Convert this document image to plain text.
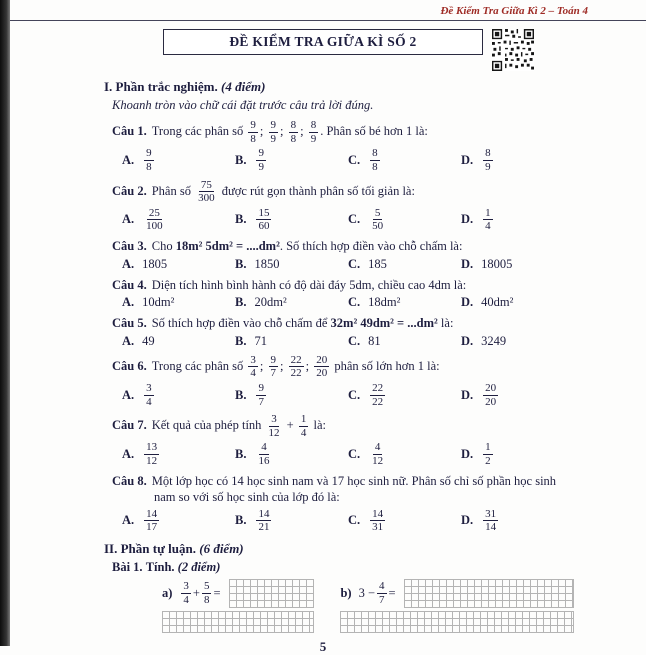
Đề Kiểm Tra Giữa Kì 2 – Toán 4
ĐỀ KIỂM TRA GIỮA KÌ SỐ 2
I. Phần trắc nghiệm. (4 điểm)
Khoanh tròn vào chữ cái đặt trước câu trả lời đúng.
Câu 1. Trong các phân số $\frac{9}{8}$ ; $\frac{9}{9}$ ; $\frac{8}{8}$ ; $\frac{8}{9}$ . Phân số bé hơn 1 là:
A. $\frac{9}{8}$	B. $\frac{9}{9}$	C. $\frac{8}{8}$	D. $\frac{8}{9}$
Câu 2. Phân số $\frac{75}{300}$ được rút gọn thành phân số tối giản là:
A. $\frac{25}{100}$	B. $\frac{15}{60}$	C. $\frac{5}{50}$	D. $\frac{1}{4}$
Câu 3. Cho 18m² 5dm² = ....dm². Số thích hợp điền vào chỗ chấm là:
A. 1805	B. 1850	C. 185	D. 18005
Câu 4. Diện tích hình bình hành có độ dài đáy 5dm, chiều cao 4dm là:
A. 10dm²	B. 20dm²	C. 18dm²	D. 40dm²
Câu 5. Số thích hợp điền vào chỗ chấm để 32m² 49dm² = ...dm² là:
A. 49	B. 71	C. 81	D. 3249
Câu 6. Trong các phân số $\frac{3}{4}$ ; $\frac{9}{7}$ ; $\frac{22}{22}$ ; $\frac{20}{20}$ phân số lớn hơn 1 là:
A. $\frac{3}{4}$	B. $\frac{9}{7}$	C. $\frac{22}{22}$	D. $\frac{20}{20}$
Câu 7. Kết quả của phép tính $\frac{3}{12} + \frac{1}{4}$ là:
A. $\frac{13}{12}$	B. $\frac{4}{16}$	C. $\frac{4}{12}$	D. $\frac{1}{2}$
Câu 8. Một lớp học có 14 học sinh nam và 17 học sinh nữ. Phân số chỉ số phần học sinh nam so với số học sinh của lớp đó là:
A. $\frac{14}{17}$	B. $\frac{14}{21}$	C. $\frac{14}{31}$	D. $\frac{31}{14}$
II. Phần tự luận. (6 điểm)
Bài 1. Tính. (2 điểm)
$a) \frac{3}{4} + \frac{5}{8}$ =	b) $3 - \frac{4}{7}$ =
5
